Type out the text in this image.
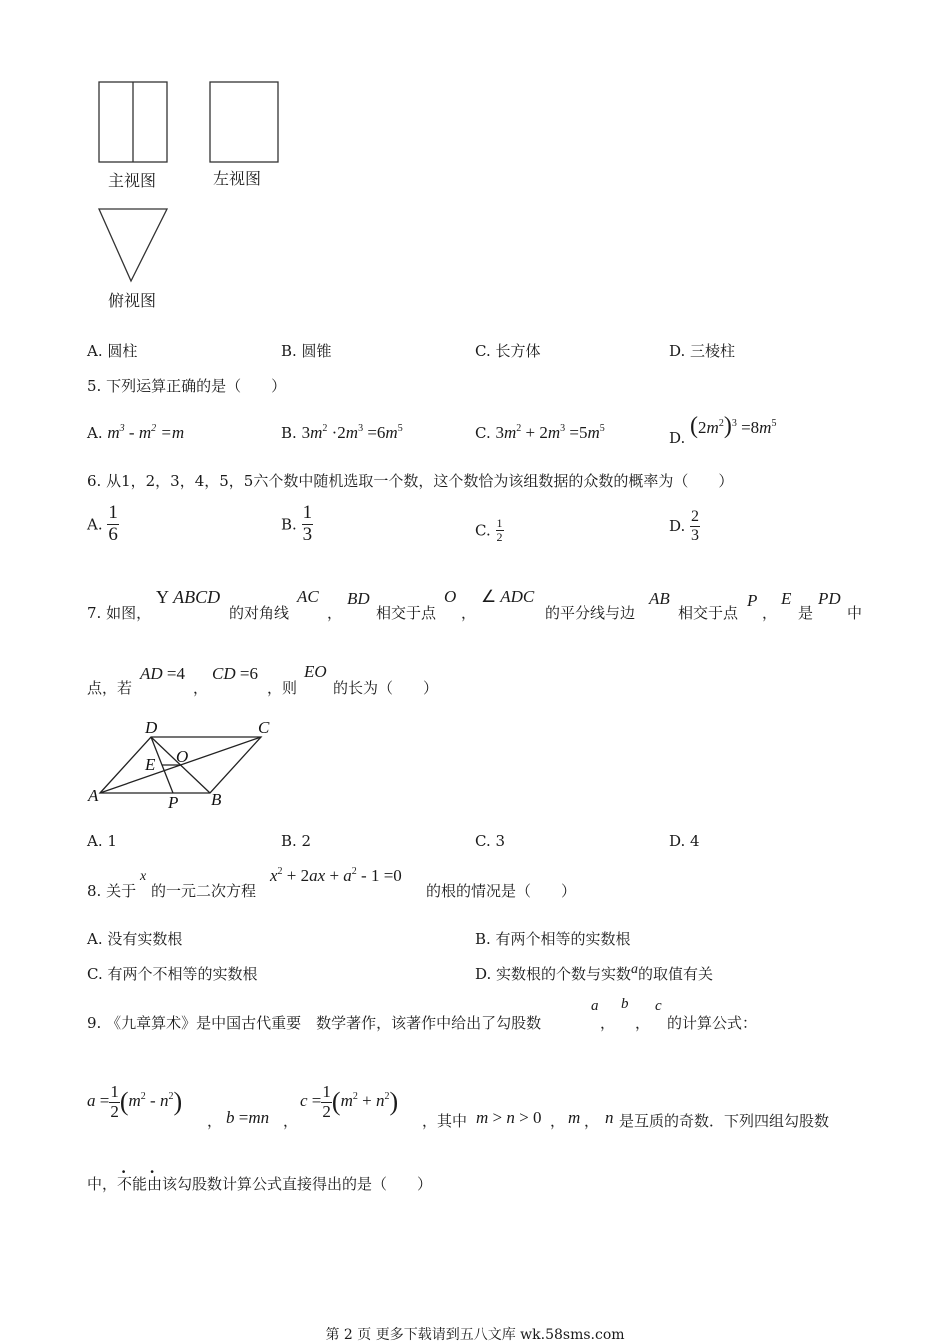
主视图	左视图
俯视图
A. 圆柱	B. 圆锥	C. 长方体	D. 三棱柱
5. 下列运算正确的是（　　）
A. $m^3 - m^2 =m$	B. $3m^2 \cdot 2m^3 =6m^5$	C. $3m^2 + 2m^3 =5m^5$
D. $(2m^2)^3 =8m^5$
6. 从1，2，3，4，5，5六个数中随机选取一个数，这个数恰为该组数据的众数的概率为（　　）
A. $\frac{1}{6}$	B. $\frac{1}{3}$	C. $\frac{1}{2}$	D. $\frac{2}{3}$
7. 如图，
Y ABCD
的对角线
AC
，
BD
相交于点
O
，
∠ ADC
的平分线与边
AB
相交于点
P
，
E
是
PD
中
点，若
AD =4
，
CD =6
，则
EO
的长为（　　）
D	C
O
E
A	P B
A. 1	B. 2	C. 3	D. 4
8. 关于
x
的一元二次方程
$x^2 + 2ax + a^2 - 1 =0$
的根的情况是（　　）
A. 没有实数根	B. 有两个相等的实数根
C. 有两个不相等的实数根	D. 实数根的个数与实数a的取值有关
9. 《九章算术》是中国古代重要　数学著作，该著作中给出了勾股数
a
，
b
，
c
的计算公式：
$a = \frac{1}{2} (m^2 - n^2)$
， b =mn ，
$c = \frac{1}{2} (m^2 + n^2)$
，其中 m > n > 0 ， m ， n 是互质的奇数．下列四组勾股数
中，
. .
不能由该勾股数计算公式直接得出的是（　　）
第 2 页 更多下载请到五八文库 wk.58sms.com
